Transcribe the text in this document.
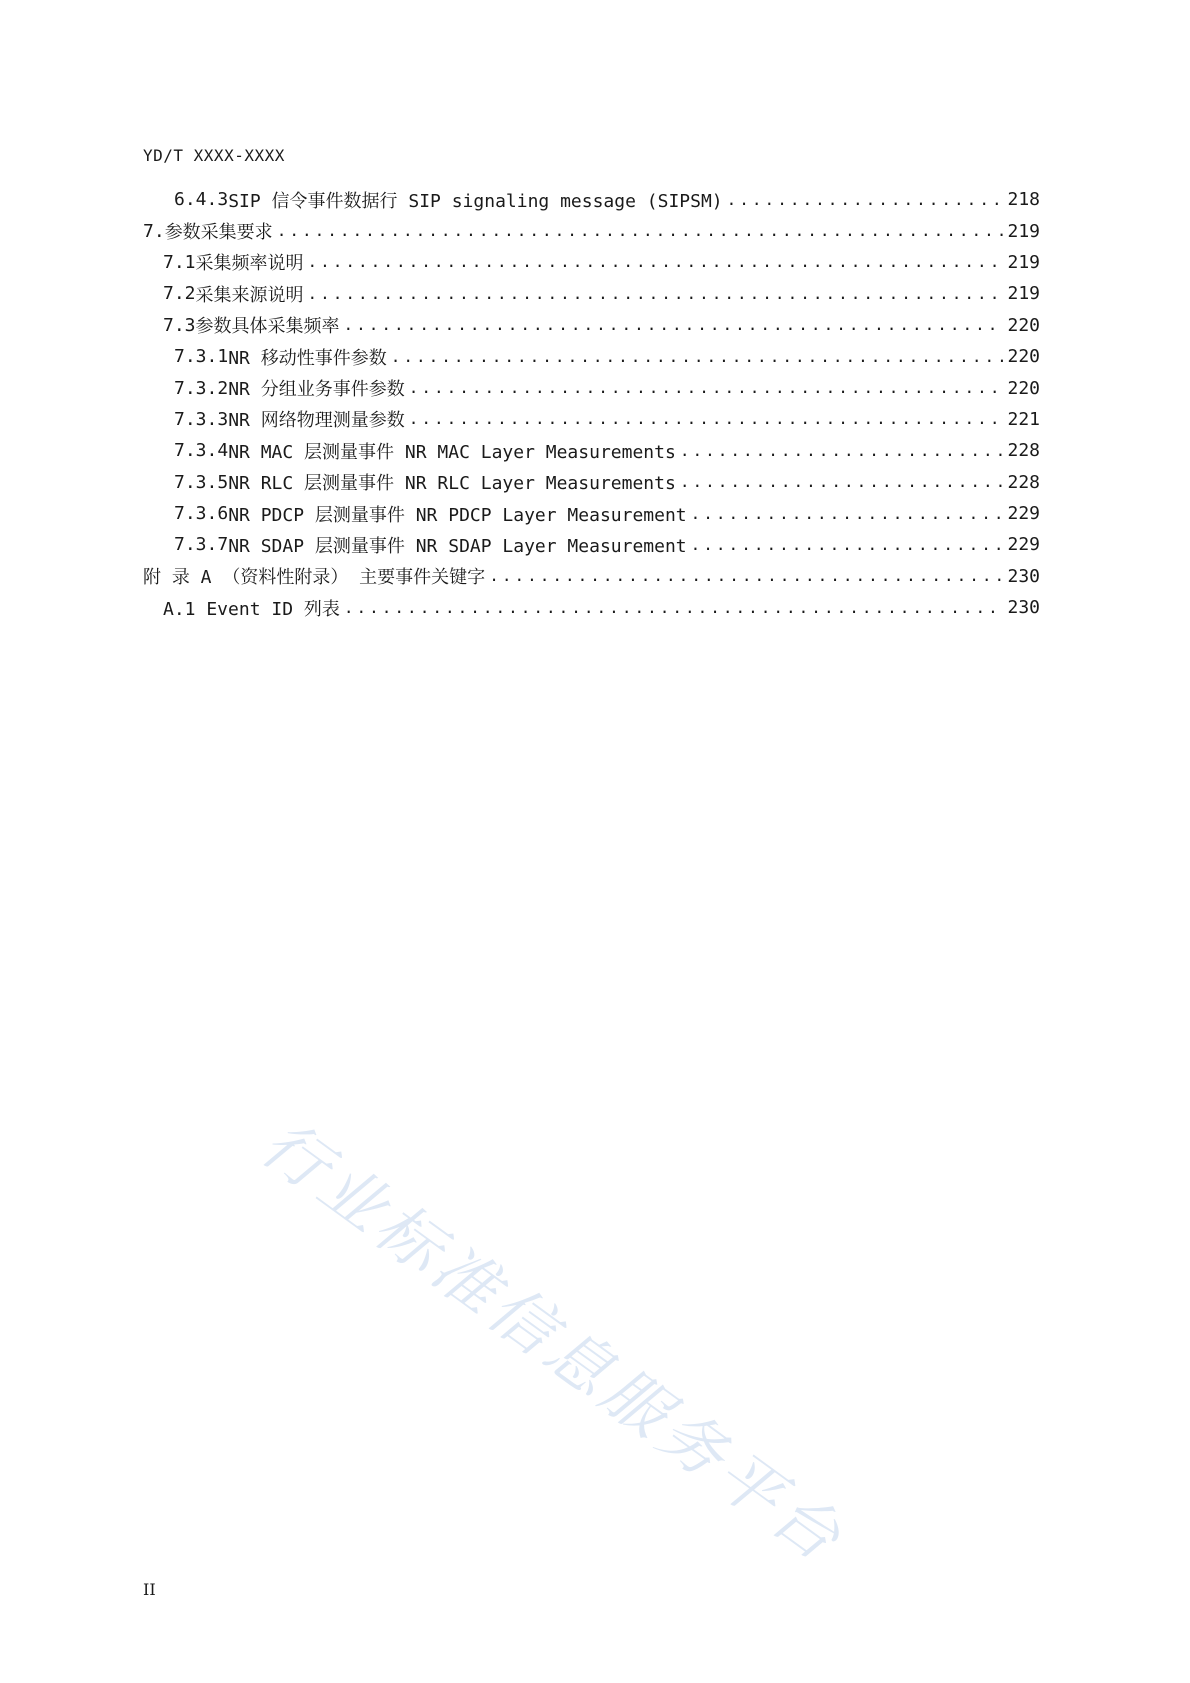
YD/T XXXX-XXXX
6.4.3 SIP 信令事件数据行 SIP signaling message (SIPSM) .....	218
7. 参数采集要求 .....	219
7.1 采集频率说明 .....	219
7.2 采集来源说明 .....	219
7.3 参数具体采集频率 .....	220
7.3.1 NR 移动性事件参数 .....	220
7.3.2 NR 分组业务事件参数 .....	220
7.3.3 NR 网络物理测量参数 .....	221
7.3.4 NR MAC 层测量事件 NR MAC Layer Measurements .....	228
7.3.5 NR RLC 层测量事件 NR RLC Layer Measurements .....	228
7.3.6 NR PDCP 层测量事件 NR PDCP Layer Measurement .....	229
7.3.7 NR SDAP 层测量事件 NR SDAP Layer Measurement .....	229
附 录 A （资料性附录） 主要事件关键字 .....	230
A.1 Event ID 列表 .....	230
行业标准信息服务平台
II
